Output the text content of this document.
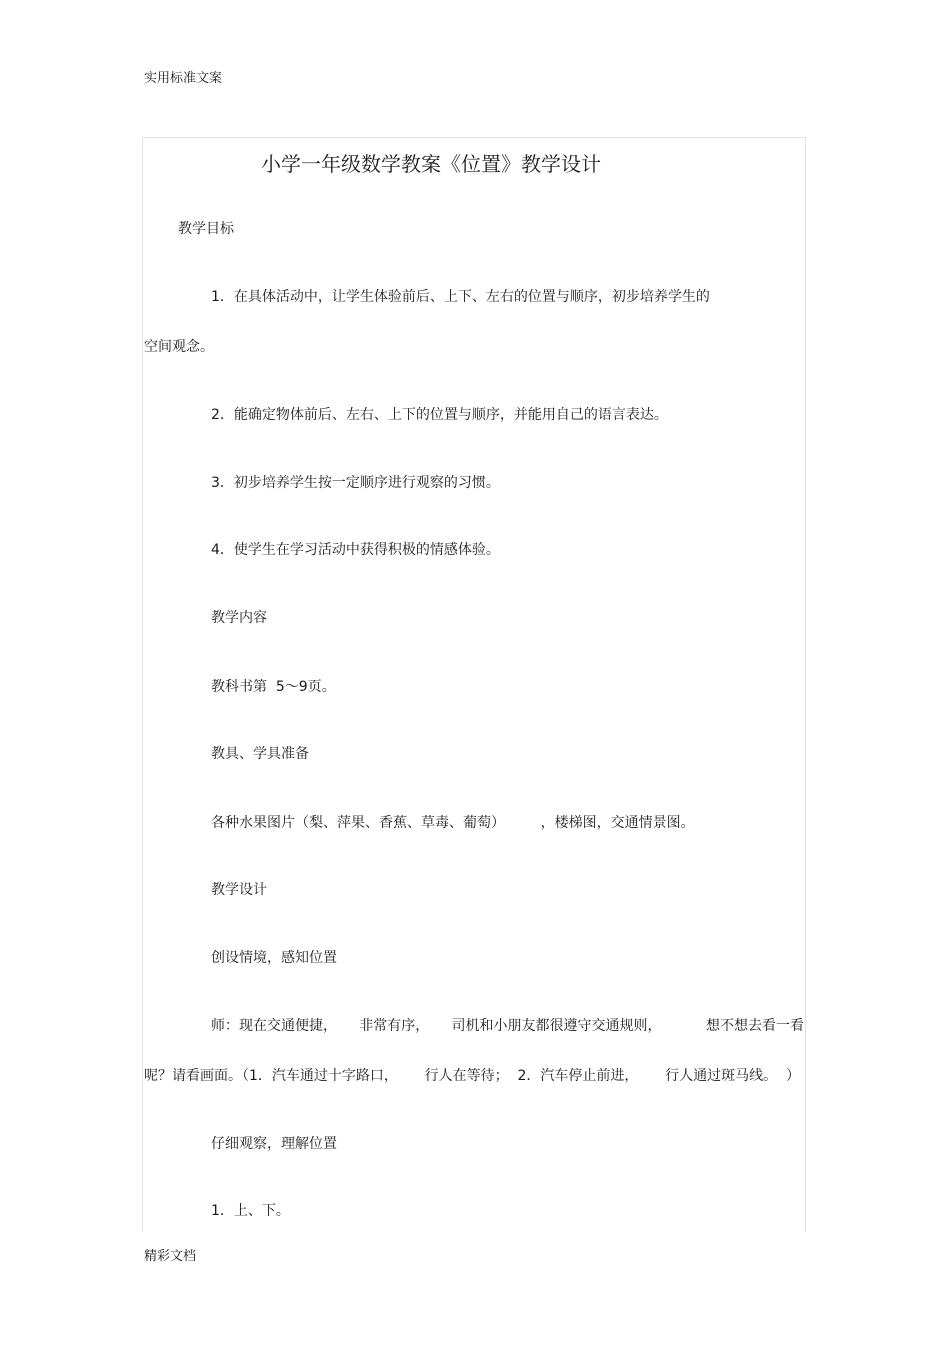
实用标准文案
小学一年级数学教案《位置》教学设计
教学目标
1．在具体活动中，让学生体验前后、上下、左右的位置与顺序，初步培养学生的
空间观念。
2．能确定物体前后、左右、上下的位置与顺序，并能用自己的语言表达。
3．初步培养学生按一定顺序进行观察的习惯。
4．使学生在学习活动中获得积极的情感体验。
教学内容
教科书第  5～9页。
教具、学具准备
各种水果图片（梨、萍果、香蕉、草毒、葡萄）        ，楼梯图，交通情景图。
教学设计
创设情境，感知位置
师：现在交通便捷，     非常有序，     司机和小朋友都很遵守交通规则，          想不想去看一看
呢？请看画面。（1．汽车通过十字路口，      行人在等待；  2．汽车停止前进，      行人通过斑马线。  ）
仔细观察，理解位置
1．上、下。
精彩文档
